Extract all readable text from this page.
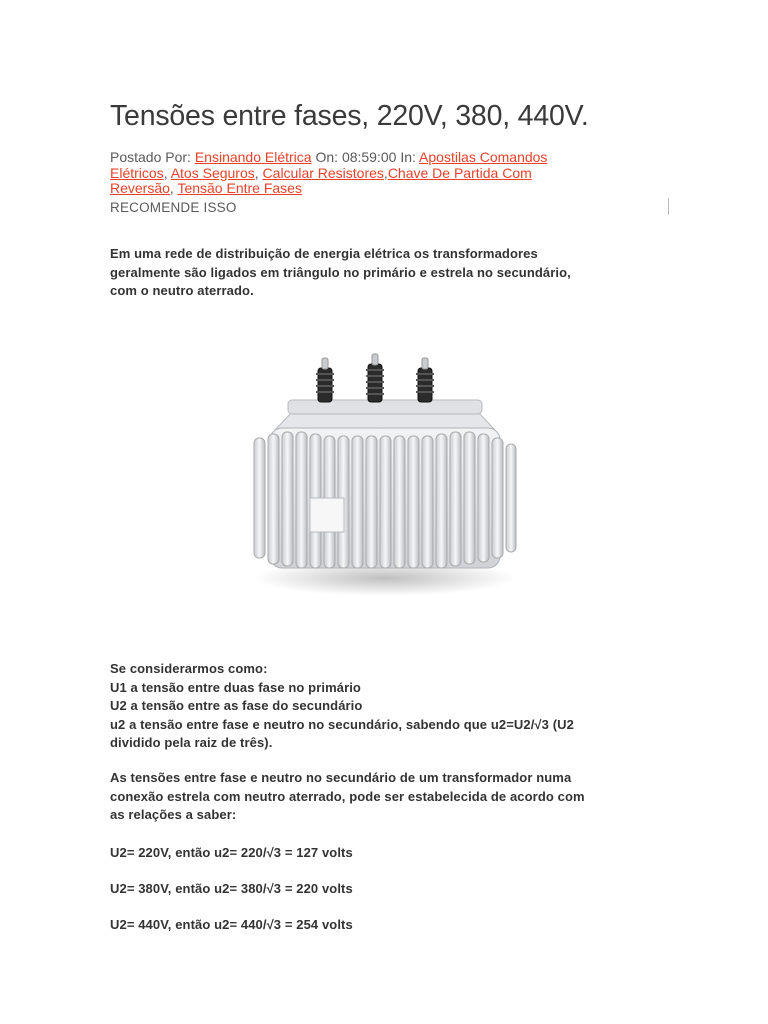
Tensões entre fases, 220V, 380, 440V.
Postado Por: Ensinando Elétrica On: 08:59:00 In: Apostilas Comandos Elétricos, Atos Seguros, Calcular Resistores,Chave De Partida Com Reversão, Tensão Entre Fases
RECOMENDE ISSO

Em uma rede de distribuição de energia elétrica os transformadores
geralmente são ligados em triângulo no primário e estrela no secundário,
com o neutro aterrado.

Se considerarmos como:
U1 a tensão entre duas fase no primário
U2 a tensão entre as fase do secundário
u2 a tensão entre fase e neutro no secundário, sabendo que u2=U2/√3 (U2
dividido pela raiz de três).

As tensões entre fase e neutro no secundário de um transformador numa
conexão estrela com neutro aterrado, pode ser estabelecida de acordo com
as relações a saber:

U2= 220V, então u2= 220/√3 = 127 volts

U2= 380V, então u2= 380/√3 = 220 volts

U2= 440V, então u2= 440/√3 = 254 volts
